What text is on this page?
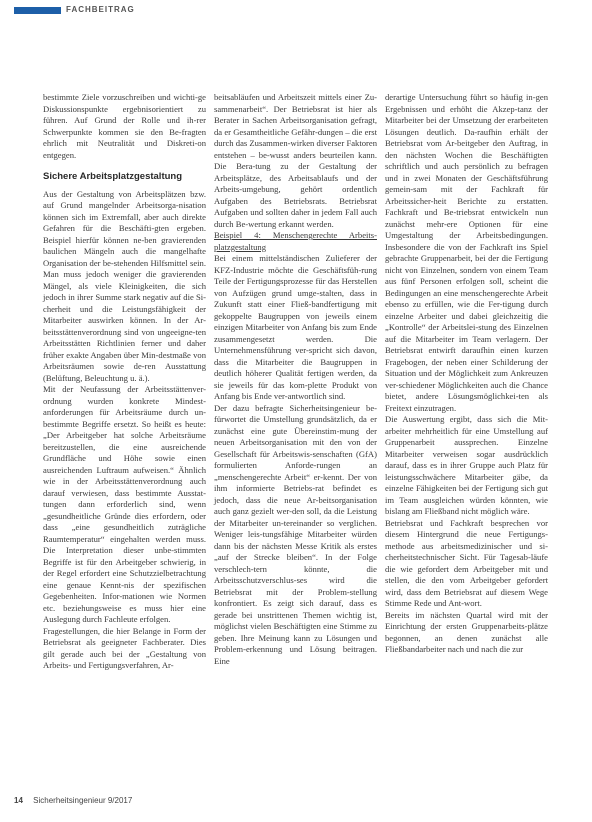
FACHBEITRAG

bestimmte Ziele vorzuschreiben und wichti-ge Diskussionspunkte ergebnisorientiert zu führen. Auf Grund der Rolle und ih-rer Schwerpunkte kommen sie den Be-fragten ehrlich mit Neutralität und Diskreti-on entgegen.

Sichere Arbeitsplatzgestaltung

Aus der Gestaltung von Arbeitsplätzen bzw. auf Grund mangelnder Arbeitsorga-nisation können sich im Extremfall, aber auch direkte Gefahren für die Beschäfti-gten ergeben. Beispiel hierfür können ne-ben gravierenden baulichen Mängeln auch die mangelhafte Organisation der be-stehenden Hilfsmittel sein. Man muss jedoch weniger die gravierenden Mängel, als viele Kleinigkeiten, die sich jedoch in ihrer Summe stark negativ auf die Si-cherheit und die Leistungsfähigkeit der Mitarbeiter auswirken können. In der Ar-beitsstättenverordnung sind von ungeeigne-ten Arbeitsstätten Richtlinien ferner und daher früher exakte Angaben über Min-destmaße von Arbeitsräumen sowie de-ren Ausstattung (Belüftung, Beleuchtung u. ä.).

Mit der Neufassung der Arbeitsstättenver-ordnung wurden konkrete Mindest-anforderungen für Arbeitsräume durch un-bestimmte Begriffe ersetzt. So heißt es heute: „Der Arbeitgeber hat solche Arbeitsräume bereitzustellen, die eine ausreichende Grundfläche und Höhe sowie einen ausreichenden Luftraum aufweisen.“ Ähnlich wie in der Arbeitsstättenverordnung auch darauf verwiesen, dass bestimmte Ausstat-tungen dann erforderlich sind, wenn „gesundheitliche Gründe dies erfordern, oder dass „eine gesundheitlich zuträgliche Raumtemperatur“ eingehalten werden muss. Die Interpretation dieser unbe-stimmten Begriffe ist für den Arbeitgeber schwierig, in der Regel erfordert eine Schutzzielbetrachtung eine genaue Kennt-nis der spezifischen Gegebenheiten. Infor-mationen wie Normen etc. beziehungsweise es muss hier eine Auslegung durch Fachleute erfolgen.

Fragestellungen, die hier Belange in Form der Betriebsrat als geeigneter Fachberater. Dies gilt gerade auch bei der „Gestaltung von Arbeits- und Fertigungsverfahren, Ar-

beitsabläufen und Arbeitszeit mittels einer Zu-sammenarbeit“. Der Betriebsrat ist hier als Berater in Sachen Arbeitsorganisation gefragt, da er Gesamtheitliche Gefähr-dungen – die erst durch das Zusammen-wirken diverser Faktoren entstehen – be-wusst anders beurteilen kann. Die Bera-tung zu der Gestaltung der Arbeitsplätze, des Arbeitsablaufs und der Arbeits-umgebung, gehört ordentlich Aufgaben des Betriebsrats. Betriebsrat Aufgaben und sollten daher in jedem Fall auch durch Be-wertung erkannt werden.

Beispiel 4: Menschengerechte Arbeits-platzgestaltung

Bei einem mittelständischen Zulieferer der KFZ-Industrie möchte die Geschäftsfüh-rung Teile der Fertigungsprozesse für das Herstellen von Aufzügen grund umge-stalten, dass in Zukunft statt einer Fließ-bandfertigung mit gekoppelte Baugruppen von jeweils einem einzigen Mitarbeiter von Anfang bis zum Ende zusammengesetzt werden. Die Unternehmensführung ver-spricht sich davon, dass die Mitarbeiter die Baugruppen in deutlich höherer Qualität fertigen werden, da sie jeweils für das kom-plette Produkt von Anfang bis Ende ver-antwortlich sind.

Der dazu befragte Sicherheitsingenieur be-fürwortet die Umstellung grundsätzlich, da er zunächst eine gute Übereinstim-mung der neuen Arbeitsorganisation mit den von der Gesellschaft für Arbeitswis-senschaften (GfA) formulierten Anforde-rungen an „menschengerechte Arbeit“ er-kennt. Der von ihm informierte Betriebs-rat befindet es jedoch, dass die neue Ar-beitsorganisation auch ganz gezielt wer-den soll, da die Leistung der Mitarbeiter un-tereinander so verglichen. Weniger leis-tungsfähige Mitarbeiter würden dann bis der nächsten Messe Kritik als erstes „auf der Strecke bleiben“. In der Folge verschlech-tern könnte, die Arbeitsschutzverschlus-ses wird die Betriebsrat mit der Problem-stellung konfrontiert. Es zeigt sich darauf, dass es gerade bei unstrittenen Themen wichtig ist, möglichst vielen Beschäftigten eine Stimme zu geben. Ihre Meinung kann zu Lösungen und Problem-erkennung und Lösung beitragen. Eine

derartige Untersuchung führt so häufig in-gen Ergebnissen und erhöht die Akzep-tanz der Mitarbeiter bei der Umsetzung der erarbeiteten Lösungen deutlich. Da-raufhin erhält der Betriebsrat vom Ar-beitgeber den Auftrag, in den nächsten Wochen die Beschäftigten schriftlich und auch persönlich zu befragen und in zwei Monaten der Geschäftsführung gemein-sam mit der Fachkraft für Arbeitssicher-heit Berichte zu erstatten. Fachkraft und Be-triebsrat entwickeln nun zunächst mehr-ere Optionen für eine Umgestaltung der Arbeitsbedingungen. Insbesondere die von der Fachkraft ins Spiel gebrachte Gruppenarbeit, bei der die Fertigung nicht von Einzelnen, sondern von einem Team aus fünf Personen erfolgen soll, scheint die Bedingungen an eine menschengerechte Arbeit ebenso zu erfüllen, wie die Fer-tigung durch einzelne Arbeiter und dabei gleichzeitig die „Kontrolle“ der Arbeitslei-stung des Einzelnen auf die Mitarbeiter im Team verlagern. Der Betriebsrat entwirft daraufhin einen kurzen Fragebogen, der neben einer Schilderung der Situation und der Möglichkeit zum Ankreuzen ver-schiedener Möglichkeiten auch die Chance bietet, andere Lösungsmöglichkei-ten als Freitext einzutragen.

Die Auswertung ergibt, dass sich die Mit-arbeiter mehrheitlich für eine Umstellung auf Gruppenarbeit aussprechen. Einzelne Mitarbeiter verweisen sogar ausdrücklich darauf, dass es in ihrer Gruppe auch Platz für leistungsschwächere Mitarbeiter gäbe, da einzelne Fähigkeiten bei der Fertigung sich gut im Team ausgleichen würden könnten, wie bislang am Fließband nicht möglich wäre.

Betriebsrat und Fachkraft besprechen vor diesem Hintergrund die neue Fertigungs-methode aus arbeitsmedizinischer und si-cherheitstechnischer Sicht. Für Tagesab-läufe die wie gefordert dem Arbeitgeber mit und stellen, die den vom Arbeitgeber gefordert wird, dass dem Betriebsrat auf diesem Wege Stimme Rede und Ant-wort.

Bereits im nächsten Quartal wird mit der Einrichtung der ersten Gruppenarbeits-plätze begonnen, an denen zunächst alle Fließbandarbeiter nach und nach die zur

14 Sicherheitsingenieur 9/2017
